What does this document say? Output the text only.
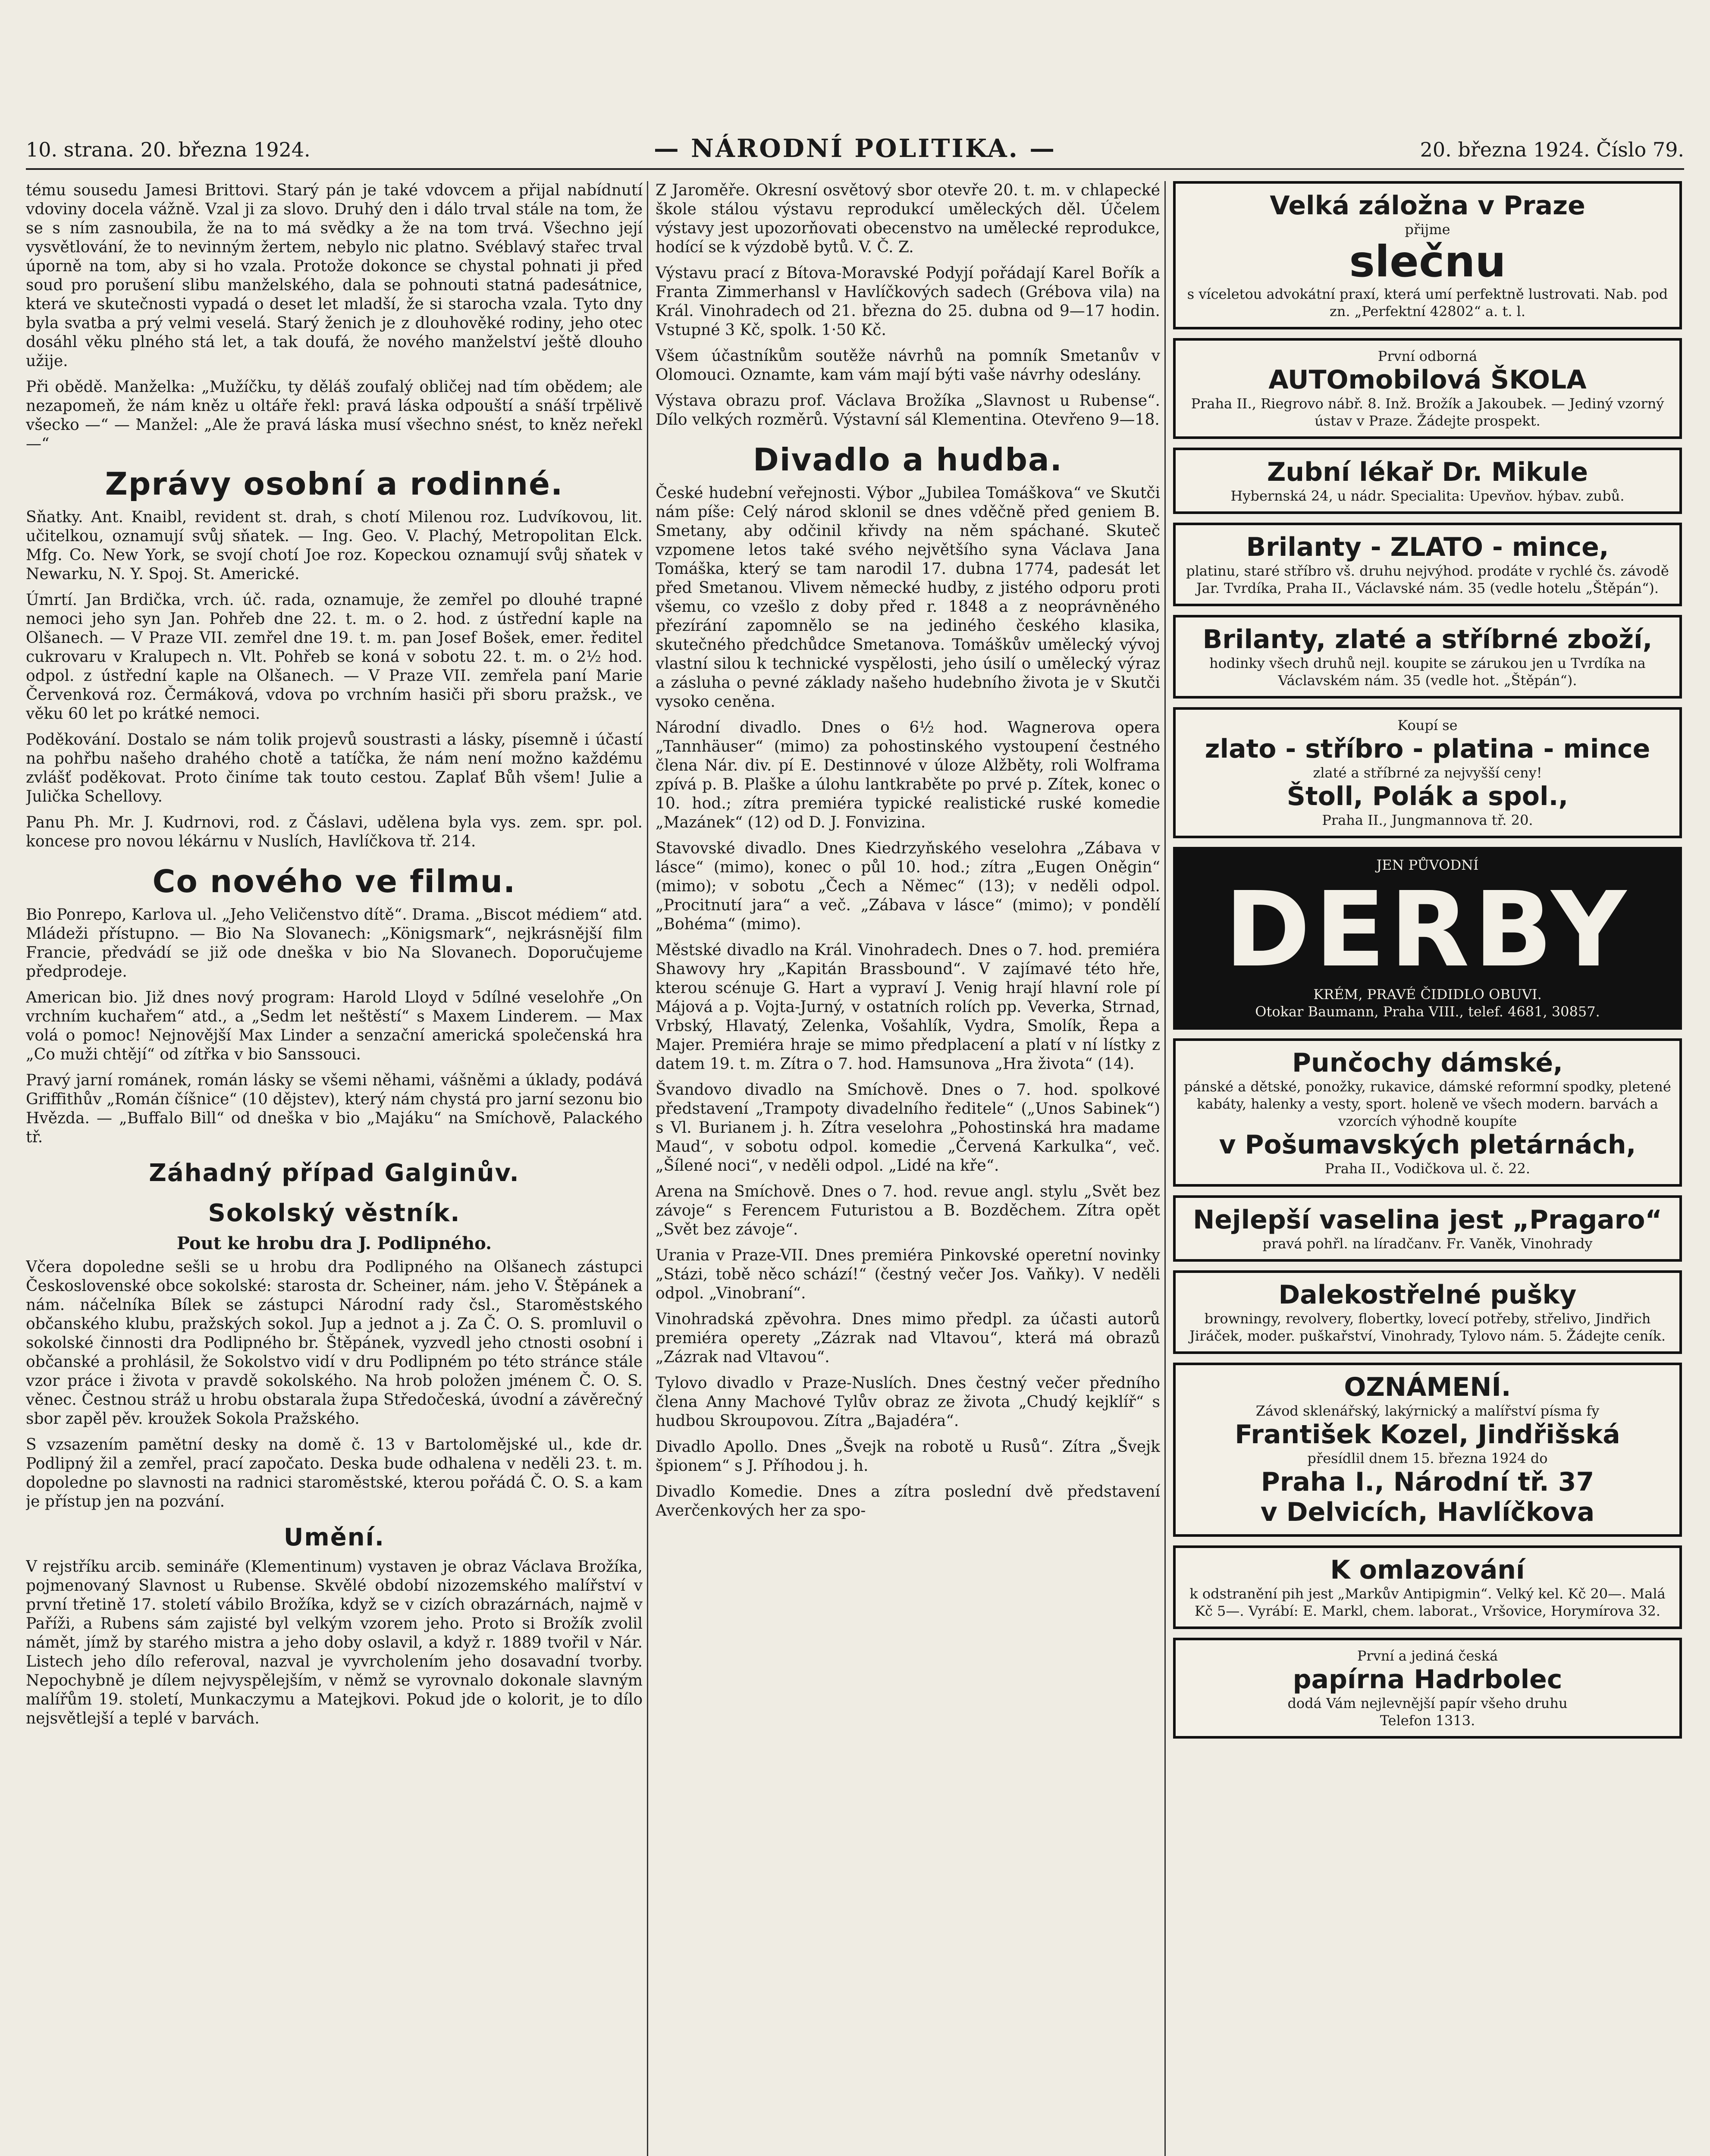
10. strana. 20. března 1924.	— NÁRODNÍ POLITIKA. —	20. března 1924. Číslo 79.

tému sousedu Jamesi Brittovi. Starý pán je také vdovcem a přijal nabídnutí vdoviny docela vážně. Vzal ji za slovo. Druhý den i dálo trval stále na tom, že se s ním zasnoubila, že na to má svědky a že na tom trvá. Všechno její vysvětlování, že to nevinným žertem, nebylo nic platno. Svéblavý stařec trval úporně na tom, aby si ho vzala. Protože dokonce se chystal pohnati ji před soud pro porušení slibu manželského, dala se pohnouti statná padesátnice, která ve skutečnosti vypadá o deset let mladší, že si starocha vzala. Tyto dny byla svatba a prý velmi veselá. Starý ženich je z dlouhověké rodiny, jeho otec dosáhl věku plného stá let, a tak doufá, že nového manželství ještě dlouho užije.

Při obědě. Manželka: „Mužíčku, ty děláš zoufalý obličej nad tím obědem; ale nezapomeň, že nám kněz u oltáře řekl: pravá láska odpouští a snáší trpělivě všecko —“ — Manžel: „Ale že pravá láska musí všechno snést, to kněz neřekl —“

Zprávy osobní a rodinné.

Sňatky. Ant. Knaibl, revident st. drah, s chotí Milenou roz. Ludvíkovou, lit. učitelkou, oznamují svůj sňatek. — Ing. Geo. V. Plachý, Metropolitan Elck. Mfg. Co. New York, se svojí chotí Joe roz. Kopeckou oznamují svůj sňatek v Newarku, N. Y. Spoj. St. Americké.

Úmrtí. Jan Brdička, vrch. úč. rada, oznamuje, že zemřel po dlouhé trapné nemoci jeho syn Jan. Pohřeb dne 22. t. m. o 2. hod. z ústřední kaple na Olšanech. — V Praze VII. zemřel dne 19. t. m. pan Josef Bošek, emer. ředitel cukrovaru v Kralupech n. Vlt. Pohřeb se koná v sobotu 22. t. m. o 2½ hod. odpol. z ústřední kaple na Olšanech. — V Praze VII. zemřela paní Marie Červenková roz. Čermáková, vdova po vrchním hasiči při sboru pražsk., ve věku 60 let po krátké nemoci.

Poděkování. Dostalo se nám tolik projevů soustrasti a lásky, písemně i účastí na pohřbu našeho drahého chotě a tatíčka, že nám není možno každému zvlášť poděkovat. Proto činíme tak touto cestou. Zaplať Bůh všem! Julie a Julička Schellovy.

Panu Ph. Mr. J. Kudrnovi, rod. z Čáslavi, udělena byla vys. zem. spr. pol. koncese pro novou lékárnu v Nuslích, Havlíčkova tř. 214.

Co nového ve filmu.

Bio Ponrepo, Karlova ul. „Jeho Veličenstvo dítě“. Drama. „Biscot médiem“ atd. Mládeži přístupno. — Bio Na Slovanech: „Königsmark“, nejkrásnější film Francie, předvádí se již ode dneška v bio Na Slovanech. Doporučujeme předprodeje.

American bio. Již dnes nový program: Harold Lloyd v 5dílné veselohře „On vrchním kuchařem“ atd., a „Sedm let neštěstí“ s Maxem Linderem. — Max volá o pomoc! Nejnovější Max Linder a senzační americká společenská hra „Co muži chtějí“ od zítřka v bio Sanssouci.

Pravý jarní románek, román lásky se všemi něhami, vášněmi a úklady, podává Griffithův „Román číšnice“ (10 dějstev), který nám chystá pro jarní sezonu bio Hvězda. — „Buffalo Bill“ od dneška v bio „Majáku“ na Smíchově, Palackého tř.

Záhadný případ Galginův.
Sokolský věstník.
Pout ke hrobu dra J. Podlipného.

Včera dopoledne sešli se u hrobu dra Podlipného na Olšanech zástupci Československé obce sokolské: starosta dr. Scheiner, nám. jeho V. Štěpánek a nám. náčelníka Bílek se zástupci Národní rady čsl., Staroměstského občanského klubu, pražských sokol. Jup a jednot a j. Za Č. O. S. promluvil o sokolské činnosti dra Podlipného br. Štěpánek, vyzvedl jeho ctnosti osobní i občanské a prohlásil, že Sokolstvo vidí v dru Podlipném po této stránce stále vzor práce i života v pravdě sokolského. Na hrob položen jménem Č. O. S. věnec. Čestnou stráž u hrobu obstarala župa Středočeská, úvodní a závěrečný sbor zapěl pěv. kroužek Sokola Pražského.

S vzsazením pamětní desky na domě č. 13 v Bartolomějské ul., kde dr. Podlipný žil a zemřel, prací započato. Deska bude odhalena v neděli 23. t. m. dopoledne po slavnosti na radnici staroměstské, kterou pořádá Č. O. S. a kam je přístup jen na pozvání.

Umění.

V rejstříku arcib. semináře (Klementinum) vystaven je obraz Václava Brožíka, pojmenovaný Slavnost u Rubense. Skvělé období nizozemského malířství v první třetině 17. století vábilo Brožíka, když se v cizích obrazárnách, najmě v Paříži, a Rubens sám zajisté byl velkým vzorem jeho. Proto si Brožík zvolil námět, jímž by starého mistra a jeho doby oslavil, a když r. 1889 tvořil v Nár. Listech jeho dílo referoval, nazval je vyvrcholením jeho dosavadní tvorby. Nepochybně je dílem nejvyspělejším, v němž se vyrovnalo dokonale slavným malířům 19. století, Munkaczymu a Matejkovi. Pokud jde o kolorit, je to dílo nejsvětlejší a teplé v barvách.

Z Jaroměře. Okresní osvětový sbor otevře 20. t. m. v chlapecké škole stálou výstavu reprodukcí uměleckých děl. Účelem výstavy jest upozorňovati obecenstvo na umělecké reprodukce, hodící se k výzdobě bytů. V. Č. Z.

Výstavu prací z Bítova-Moravské Podyjí pořádají Karel Bořík a Franta Zimmerhansl v Havlíčkových sadech (Grébova vila) na Král. Vinohradech od 21. března do 25. dubna od 9—17 hodin. Vstupné 3 Kč, spolk. 1·50 Kč.

Všem účastníkům soutěže návrhů na pomník Smetanův v Olomouci. Oznamte, kam vám mají býti vaše návrhy odeslány.

Výstava obrazu prof. Václava Brožíka „Slavnost u Rubense“. Dílo velkých rozměrů. Výstavní sál Klementina. Otevřeno 9—18.

Divadlo a hudba.

České hudební veřejnosti. Výbor „Jubilea Tomáškova“ ve Skutči nám píše: Celý národ sklonil se dnes vděčně před geniem B. Smetany, aby odčinil křivdy na něm spáchané. Skuteč vzpomene letos také svého největšího syna Václava Jana Tomáška, který se tam narodil 17. dubna 1774, padesát let před Smetanou. Vlivem německé hudby, z jistého odporu proti všemu, co vzešlo z doby před r. 1848 a z neoprávněného přezírání zapomnělo se na jediného českého klasika, skutečného předchůdce Smetanova. Tomáškův umělecký vývoj vlastní silou k technické vyspělosti, jeho úsilí o umělecký výraz a zásluha o pevné základy našeho hudebního života je v Skutči vysoko ceněna.

Národní divadlo. Dnes o 6½ hod. Wagnerova opera „Tannhäuser“ (mimo) za pohostinského vystoupení čestného člena Nár. div. pí E. Destinnové v úloze Alžběty, roli Wolframa zpívá p. B. Plaške a úlohu lantkraběte po prvé p. Zítek, konec o 10. hod.; zítra premiéra typické realistické ruské komedie „Mazánek“ (12) od D. J. Fonvizina.

Stavovské divadlo. Dnes Kiedrzyňského veselohra „Zábava v lásce“ (mimo), konec o půl 10. hod.; zítra „Eugen Oněgin“ (mimo); v sobotu „Čech a Němec“ (13); v neděli odpol. „Procitnutí jara“ a več. „Zábava v lásce“ (mimo); v pondělí „Bohéma“ (mimo).

Městské divadlo na Král. Vinohradech. Dnes o 7. hod. premiéra Shawovy hry „Kapitán Brassbound“. V zajímavé této hře, kterou scénuje G. Hart a vypraví J. Venig hrají hlavní role pí Májová a p. Vojta-Jurný, v ostatních rolích pp. Veverka, Strnad, Vrbský, Hlavatý, Zelenka, Vošahlík, Vydra, Smolík, Řepa a Majer. Premiéra hraje se mimo předplacení a platí v ní lístky z datem 19. t. m. Zítra o 7. hod. Hamsunova „Hra života“ (14).

Švandovo divadlo na Smíchově. Dnes o 7. hod. spolkové představení „Trampoty divadelního ředitele“ („Unos Sabinek“) s Vl. Burianem j. h. Zítra veselohra „Pohostinská hra madame Maud“, v sobotu odpol. komedie „Červená Karkulka“, več. „Šílené noci“, v neděli odpol. „Lidé na kře“.

Arena na Smíchově. Dnes o 7. hod. revue angl. stylu „Svět bez závoje“ s Ferencem Futuristou a B. Bozděchem. Zítra opět „Svět bez závoje“.

Urania v Praze-VII. Dnes premiéra Pinkovské operetní novinky „Stázi, tobě něco schází!“ (čestný večer Jos. Vaňky). V neděli odpol. „Vinobraní“.

Vinohradská zpěvohra. Dnes mimo předpl. za účasti autorů premiéra operety „Zázrak nad Vltavou“, která má obrazů „Zázrak nad Vltavou“.

Tylovo divadlo v Praze-Nuslích. Dnes čestný večer předního člena Anny Machové Tylův obraz ze života „Chudý kejklíř“ s hudbou Skroupovou. Zítra „Bajadéra“.

Divadlo Apollo. Dnes „Švejk na robotě u Rusů“. Zítra „Švejk špionem“ s J. Příhodou j. h.

Divadlo Komedie. Dnes a zítra poslední dvě představení Averčenkových her za spo-

Velká záložna v Praze
přijme
slečnu
s víceletou advokátní praxí, která umí perfektně lustrovati. Nab. pod zn. „Perfektní 42802“ a. t. l.
První odborná
AUTOmobilová ŠKOLA
Praha II., Riegrovo nábř. 8. Inž. Brožík a Jakoubek. — Jediný vzorný ústav v Praze. Žádejte prospekt.
Zubní lékař Dr. Mikule
Hybernská 24, u nádr. Specialita: Upevňov. hýbav. zubů.
Brilanty - ZLATO - mince,
platinu, staré stříbro vš. druhu nejvýhod. prodáte v rychlé čs. závodě Jar. Tvrdíka, Praha II., Václavské nám. 35 (vedle hotelu „Štěpán“).
Brilanty, zlaté a stříbrné zboží,
hodinky všech druhů nejl. koupite se zárukou jen u Tvrdíka na Václavském nám. 35 (vedle hot. „Štěpán“).
Koupí se
zlato - stříbro - platina - mince
zlaté a stříbrné za nejvyšší ceny!
Štoll, Polák a spol.,
Praha II., Jungmannova tř. 20.
JEN PŮVODNÍ
DERBY
KRÉM, PRAVÉ ČIDIDLO OBUVI.
Otokar Baumann, Praha VIII., telef. 4681, 30857.
Punčochy dámské,
pánské a dětské, ponožky, rukavice, dámské reformní spodky, pletené kabáty, halenky a vesty, sport. holeně ve všech modern. barvách a vzorcích výhodně koupíte
v Pošumavských pletárnách,
Praha II., Vodičkova ul. č. 22.
Nejlepší vaselina jest „Pragaro“
pravá pohřl. na líradčanv. Fr. Vaněk, Vinohrady
Dalekostřelné pušky
browningy, revolvery, flobertky, lovecí potřeby, střelivo, Jindřich Jiráček, moder. puškařství, Vinohrady, Tylovo nám. 5. Žádejte ceník.
OZNÁMENÍ.
Závod sklenářský, lakýrnický a malířství písma fy
František Kozel, Jindřišská
přesídlil dnem 15. března 1924 do
Praha I., Národní tř. 37
v Delvicích, Havlíčkova
K omlazování
k odstranění pih jest „Markův Antipigmin“. Velký kel. Kč 20—. Malá Kč 5—. Vyrábí: E. Markl, chem. laborat., Vršovice, Horymírova 32.
První a jediná česká
papírna Hadrbolec
dodá Vám nejlevnější papír všeho druhu
Telefon 1313.
